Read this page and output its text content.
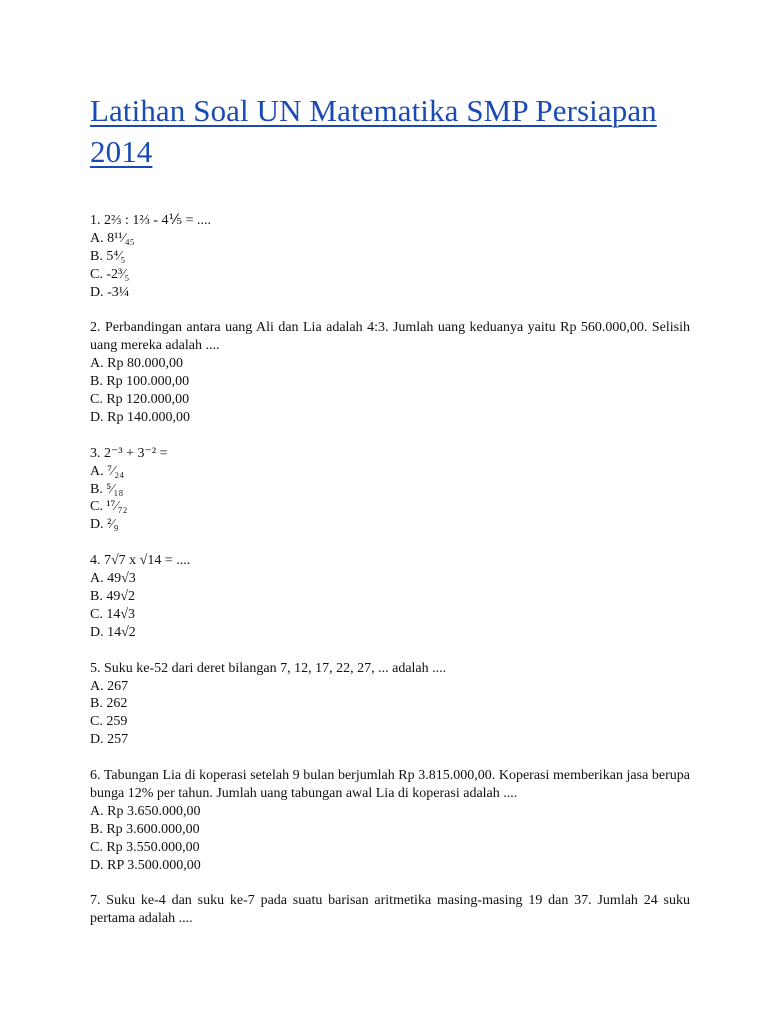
Latihan Soal UN Matematika SMP Persiapan 2014

1. 2⅔ : 1⅔ - 4⅕ = ....

A. 8¹¹⁄₄₅

B. 5⁴⁄₅

C. -2³⁄₅

D. -3¼

2. Perbandingan antara uang Ali dan Lia adalah 4:3. Jumlah uang keduanya yaitu Rp 560.000,00. Selisih uang mereka adalah ....

A. Rp 80.000,00

B. Rp 100.000,00

C. Rp 120.000,00

D. Rp 140.000,00

3. 2⁻³ + 3⁻² =

A. ⁷⁄₂₄

B. ⁵⁄₁₈

C. ¹⁷⁄₇₂

D. ²⁄₉

4. 7√7 x √14 = ....

A. 49√3

B. 49√2

C. 14√3

D. 14√2

5. Suku ke-52 dari deret bilangan 7, 12, 17, 22, 27, ... adalah ....

A. 267

B. 262

C. 259

D. 257

6. Tabungan Lia di koperasi setelah 9 bulan berjumlah Rp 3.815.000,00. Koperasi memberikan jasa berupa bunga 12% per tahun. Jumlah uang tabungan awal Lia di koperasi adalah ....

A. Rp 3.650.000,00

B. Rp 3.600.000,00

C. Rp 3.550.000,00

D. RP 3.500.000,00

7. Suku ke-4 dan suku ke-7 pada suatu barisan aritmetika masing-masing 19 dan 37. Jumlah 24 suku pertama adalah ....
